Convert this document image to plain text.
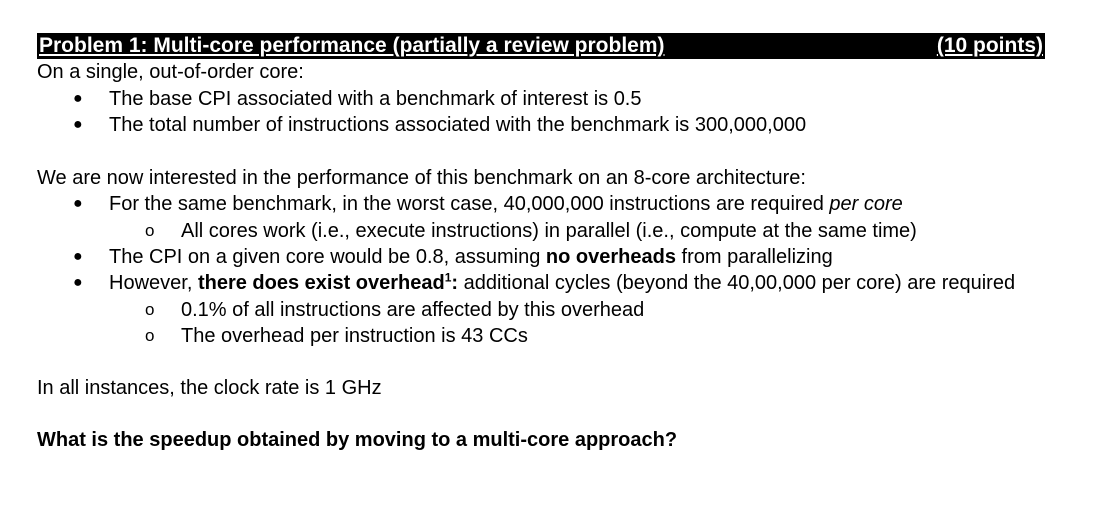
Problem 1: Multi-core performance (partially a review problem)	(10 points)
On a single, out-of-order core:
● The base CPI associated with a benchmark of interest is 0.5
● The total number of instructions associated with the benchmark is 300,000,000
We are now interested in the performance of this benchmark on an 8-core architecture:
● For the same benchmark, in the worst case, 40,000,000 instructions are required per core
o	All cores work (i.e., execute instructions) in parallel (i.e., compute at the same time)
● The CPI on a given core would be 0.8, assuming no overheads from parallelizing
● However, there does exist overhead$^1$: additional cycles (beyond the 40,00,000 per core) are required
o	0.1% of all instructions are affected by this overhead
o	The overhead per instruction is 43 CCs
In all instances, the clock rate is 1 GHz
What is the speedup obtained by moving to a multi-core approach?
